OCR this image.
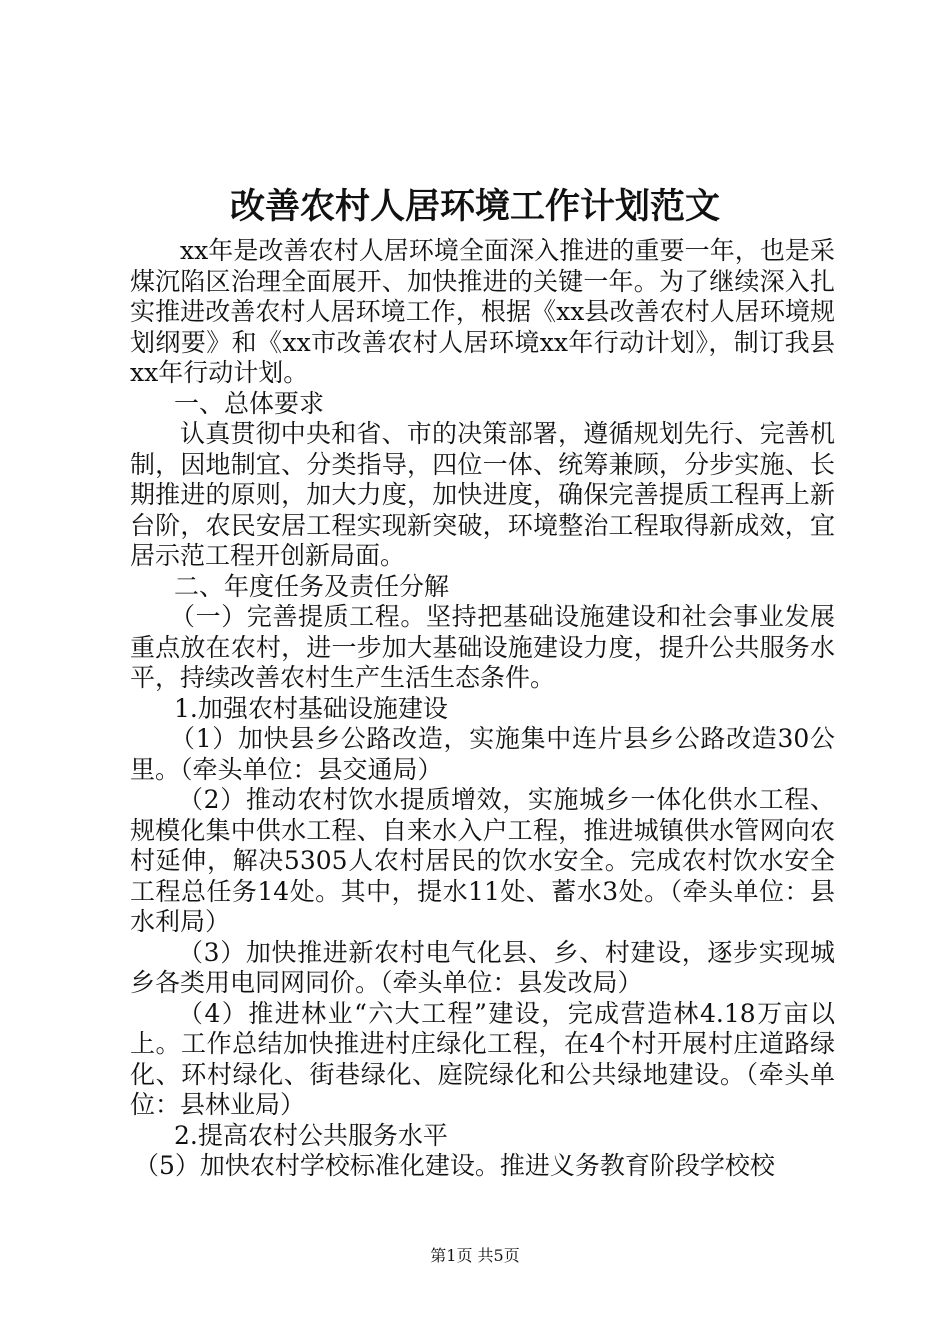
改善农村人居环境工作计划范文

xx年是改善农村人居环境全面深入推进的重要一年，也是采煤沉陷区治理全面展开、加快推进的关键一年。为了继续深入扎实推进改善农村人居环境工作，根据《xx县改善农村人居环境规划纲要》和《xx市改善农村人居环境xx年行动计划》，制订我县xx年行动计划。

一、总体要求

认真贯彻中央和省、市的决策部署，遵循规划先行、完善机制，因地制宜、分类指导，四位一体、统筹兼顾，分步实施、长期推进的原则，加大力度，加快进度，确保完善提质工程再上新台阶，农民安居工程实现新突破，环境整治工程取得新成效，宜居示范工程开创新局面。

二、年度任务及责任分解

（一）完善提质工程。坚持把基础设施建设和社会事业发展重点放在农村，进一步加大基础设施建设力度，提升公共服务水平，持续改善农村生产生活生态条件。

1.加强农村基础设施建设

（1）加快县乡公路改造，实施集中连片县乡公路改造30公里。（牵头单位：县交通局）

（2）推动农村饮水提质增效，实施城乡一体化供水工程、规模化集中供水工程、自来水入户工程，推进城镇供水管网向农村延伸，解决5305人农村居民的饮水安全。完成农村饮水安全工程总任务14处。其中，提水11处、蓄水3处。（牵头单位：县水利局）

（3）加快推进新农村电气化县、乡、村建设，逐步实现城乡各类用电同网同价。（牵头单位：县发改局）

（4）推进林业“六大工程”建设，完成营造林4.18万亩以上。工作总结加快推进村庄绿化工程，在4个村开展村庄道路绿化、环村绿化、街巷绿化、庭院绿化和公共绿地建设。（牵头单位：县林业局）

2.提高农村公共服务水平

（5）加快农村学校标准化建设。推进义务教育阶段学校校

第1页 共5页
